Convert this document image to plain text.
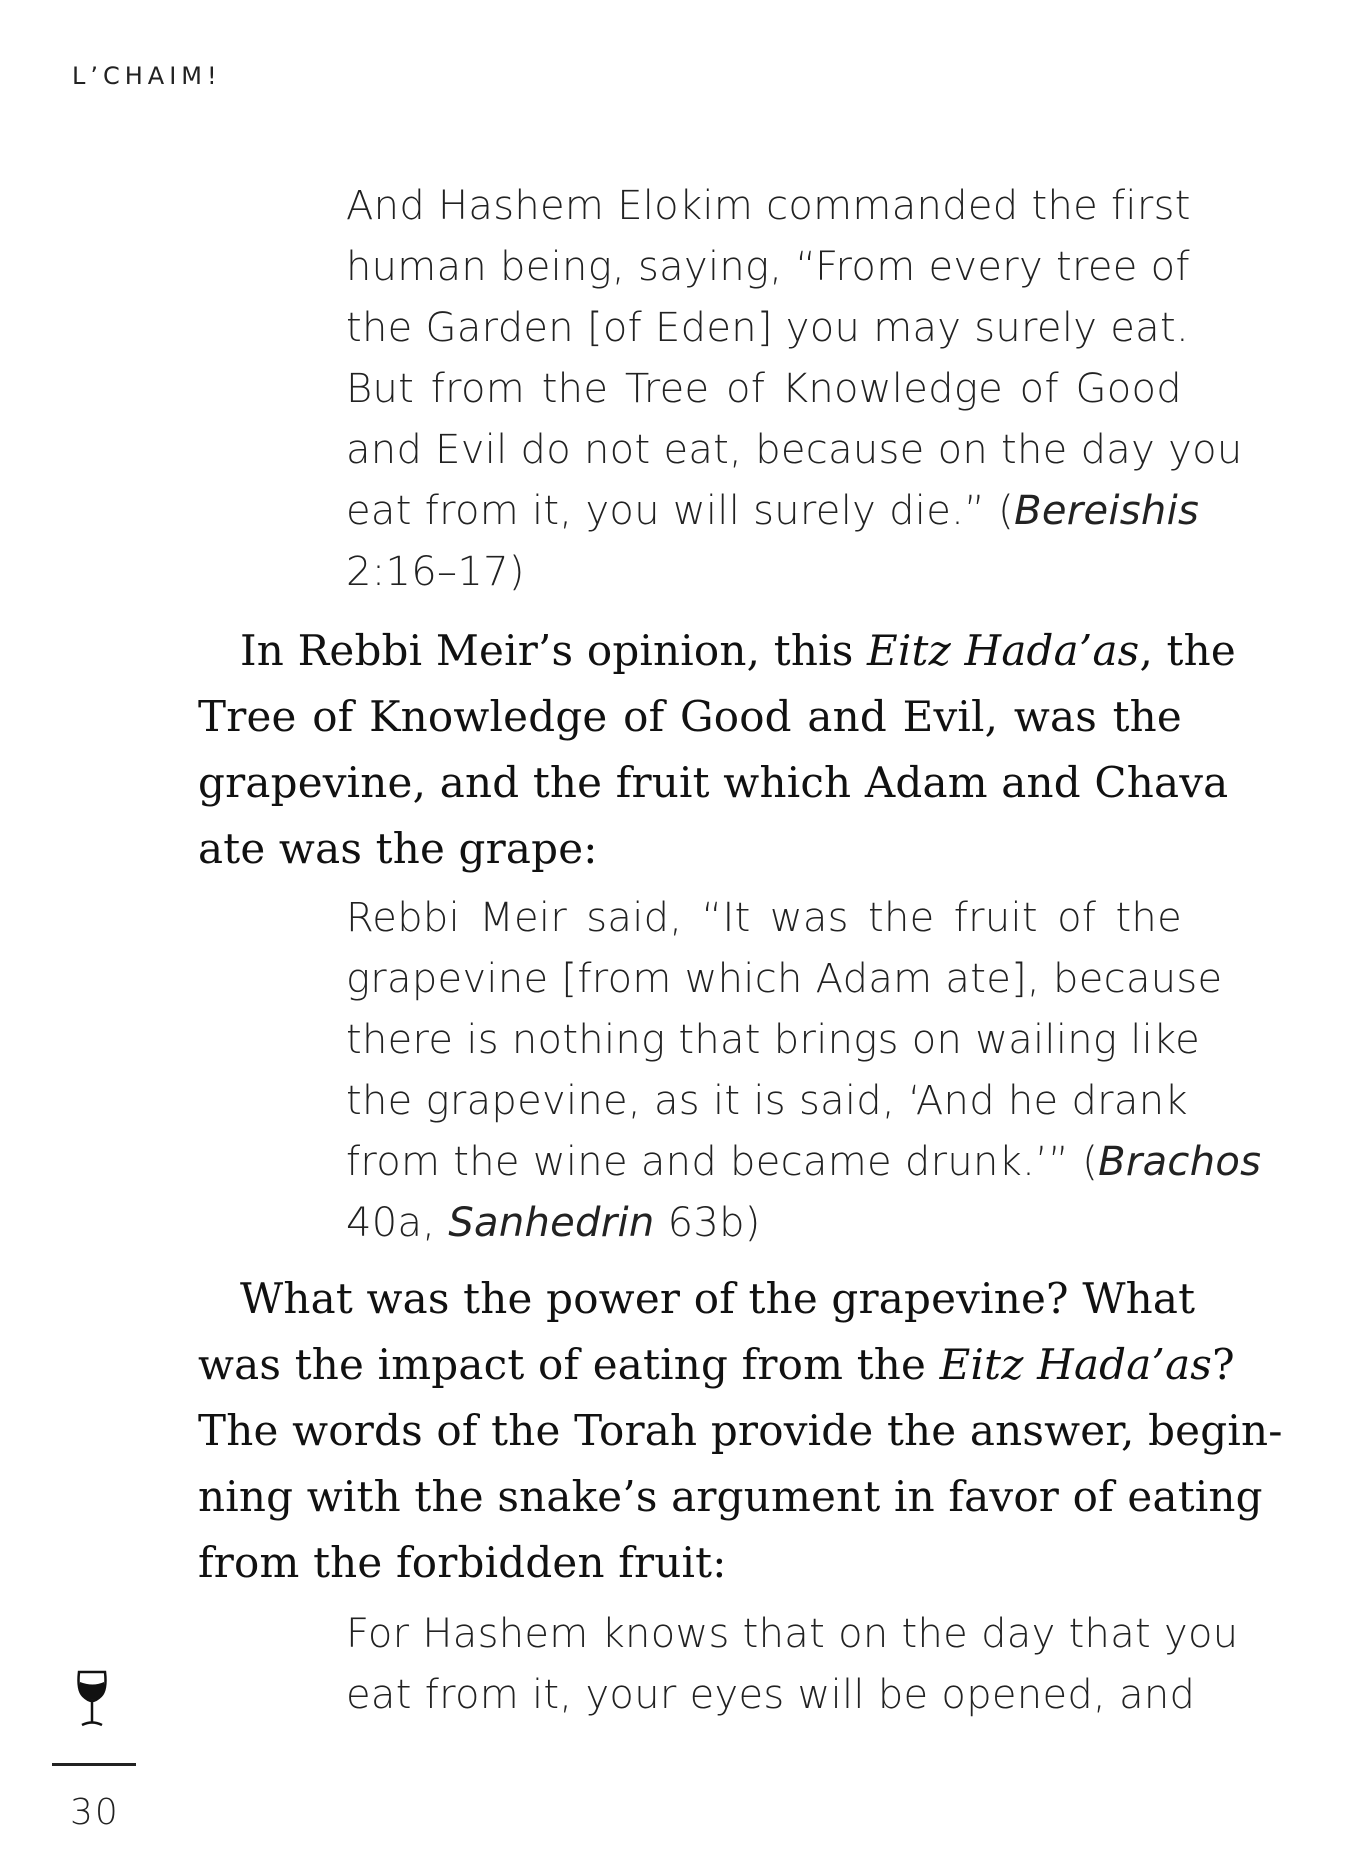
L’CHAIM!
And Hashem Elokim commanded the first
human being, saying, “From every tree of
the Garden [of Eden] you may surely eat.
But from the Tree of Knowledge of Good
and Evil do not eat, because on the day you
eat from it, you will surely die.” (Bereishis
2:16–17)
In Rebbi Meir’s opinion, this Eitz Hada’as, the
Tree of Knowledge of Good and Evil, was the
grapevine, and the fruit which Adam and Chava
ate was the grape:
Rebbi Meir said, “It was the fruit of the
grapevine [from which Adam ate], because
there is nothing that brings on wailing like
the grapevine, as it is said, ‘And he drank
from the wine and became drunk.’” (Brachos
40a, Sanhedrin 63b)
What was the power of the grapevine? What
was the impact of eating from the Eitz Hada’as?
The words of the Torah provide the answer, begin-
ning with the snake’s argument in favor of eating
from the forbidden fruit:
For Hashem knows that on the day that you
eat from it, your eyes will be opened, and
30
